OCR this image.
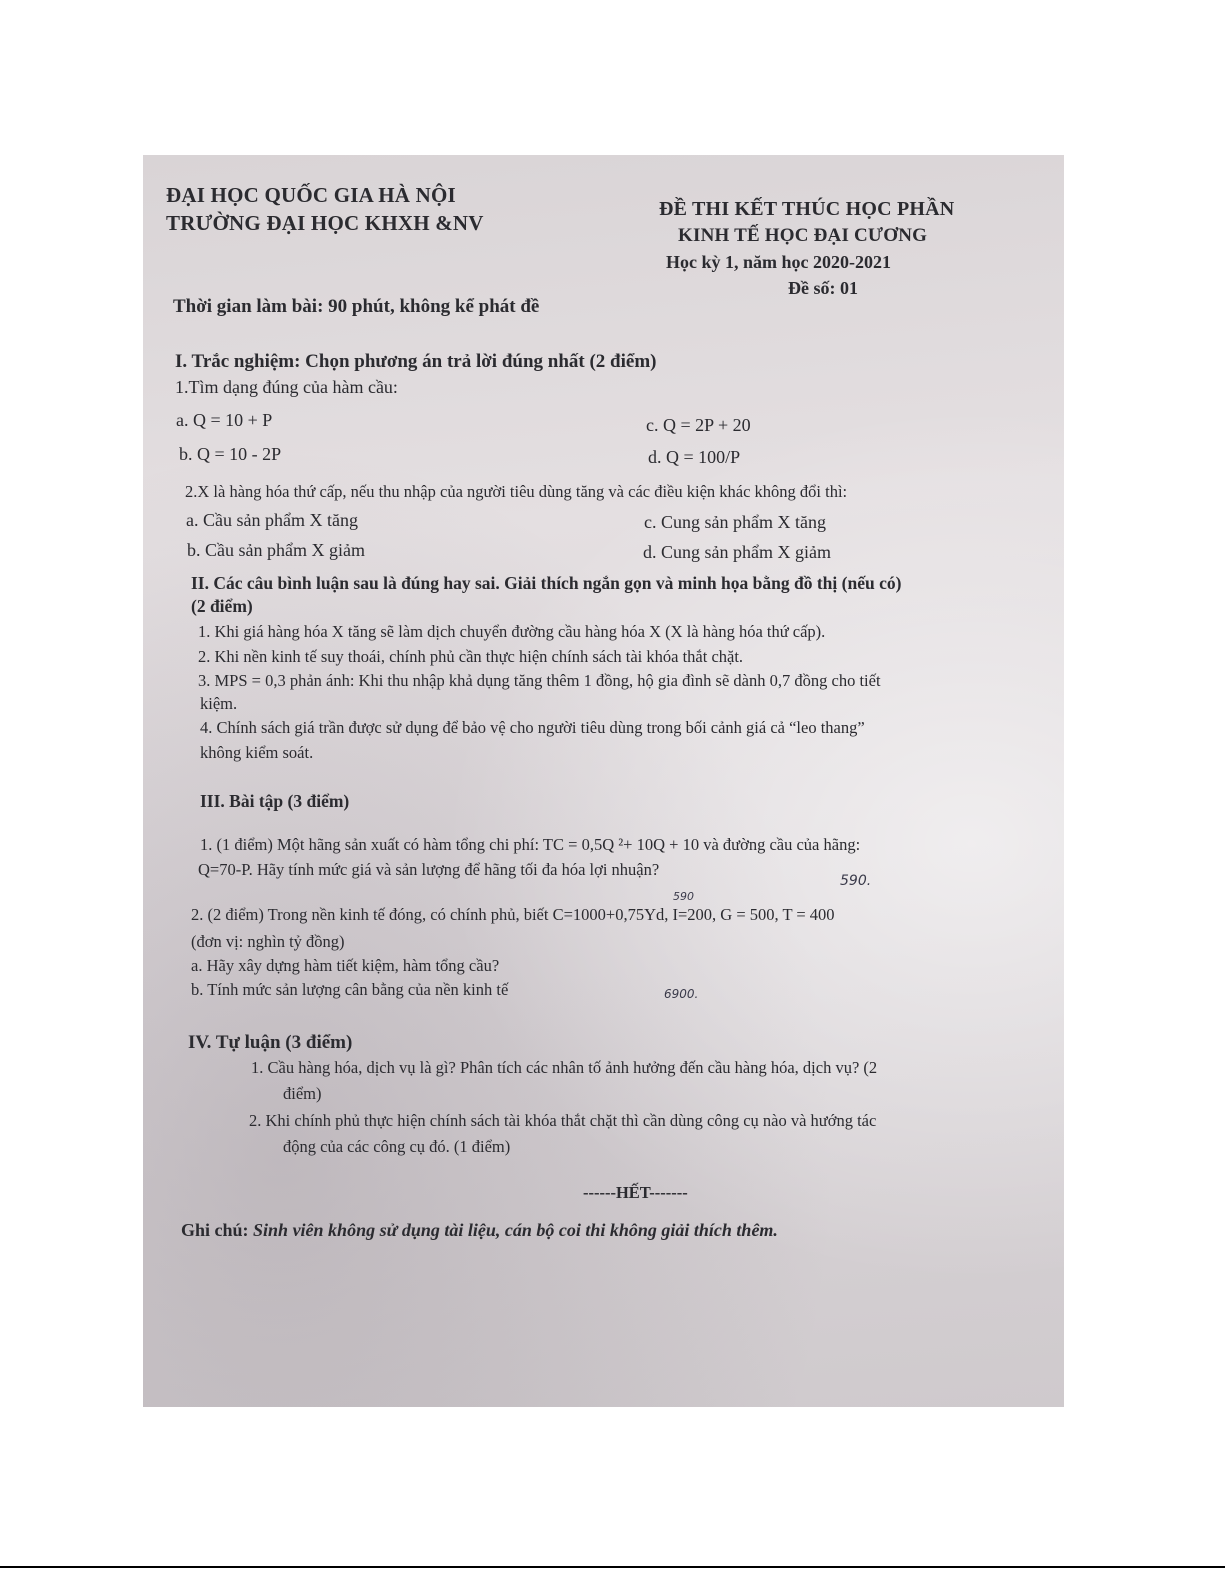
ĐẠI HỌC QUỐC GIA HÀ NỘI
TRƯỜNG ĐẠI HỌC KHXH &NV
ĐỀ THI KẾT THÚC HỌC PHẦN
KINH TẾ HỌC ĐẠI CƯƠNG
Học kỳ 1, năm học 2020-2021
Đề số: 01
Thời gian làm bài: 90 phút, không kể phát đề
I. Trắc nghiệm: Chọn phương án trả lời đúng nhất (2 điểm)
1.Tìm dạng đúng của hàm cầu:
a. Q = 10 + P	c. Q = 2P + 20
b. Q = 10 - 2P	d. Q = 100/P
2.X là hàng hóa thứ cấp, nếu thu nhập của người tiêu dùng tăng và các điều kiện khác không đổi thì:
a. Cầu sản phẩm X tăng	c. Cung sản phẩm X tăng
b. Cầu sản phẩm X giảm	d. Cung sản phẩm X giảm
II. Các câu bình luận sau là đúng hay sai. Giải thích ngắn gọn và minh họa bằng đồ thị (nếu có)
(2 điểm)
1. Khi giá hàng hóa X tăng sẽ làm dịch chuyển đường cầu hàng hóa X (X là hàng hóa thứ cấp).
2. Khi nền kinh tế suy thoái, chính phủ cần thực hiện chính sách tài khóa thắt chặt.
3. MPS = 0,3 phản ánh: Khi thu nhập khả dụng tăng thêm 1 đồng, hộ gia đình sẽ dành 0,7 đồng cho tiết
kiệm.
4. Chính sách giá trần được sử dụng để bảo vệ cho người tiêu dùng trong bối cảnh giá cả “leo thang”
không kiểm soát.
III. Bài tập (3 điểm)
1. (1 điểm) Một hãng sản xuất có hàm tổng chi phí: TC = 0,5Q ²+ 10Q + 10 và đường cầu của hãng:
Q=70-P. Hãy tính mức giá và sản lượng để hãng tối đa hóa lợi nhuận?
590.
590
2. (2 điểm) Trong nền kinh tế đóng, có chính phủ, biết C=1000+0,75Yd, I=200, G = 500, T = 400
(đơn vị: nghìn tỷ đồng)
a. Hãy xây dựng hàm tiết kiệm, hàm tổng cầu?
b. Tính mức sản lượng cân bằng của nền kinh tế	6900.
IV. Tự luận (3 điểm)
1. Cầu hàng hóa, dịch vụ là gì? Phân tích các nhân tố ảnh hưởng đến cầu hàng hóa, dịch vụ? (2
điểm)
2. Khi chính phủ thực hiện chính sách tài khóa thắt chặt thì cần dùng công cụ nào và hướng tác
động của các công cụ đó. (1 điểm)
------HẾT-------
Ghi chú: Sinh viên không sử dụng tài liệu, cán bộ coi thi không giải thích thêm.
